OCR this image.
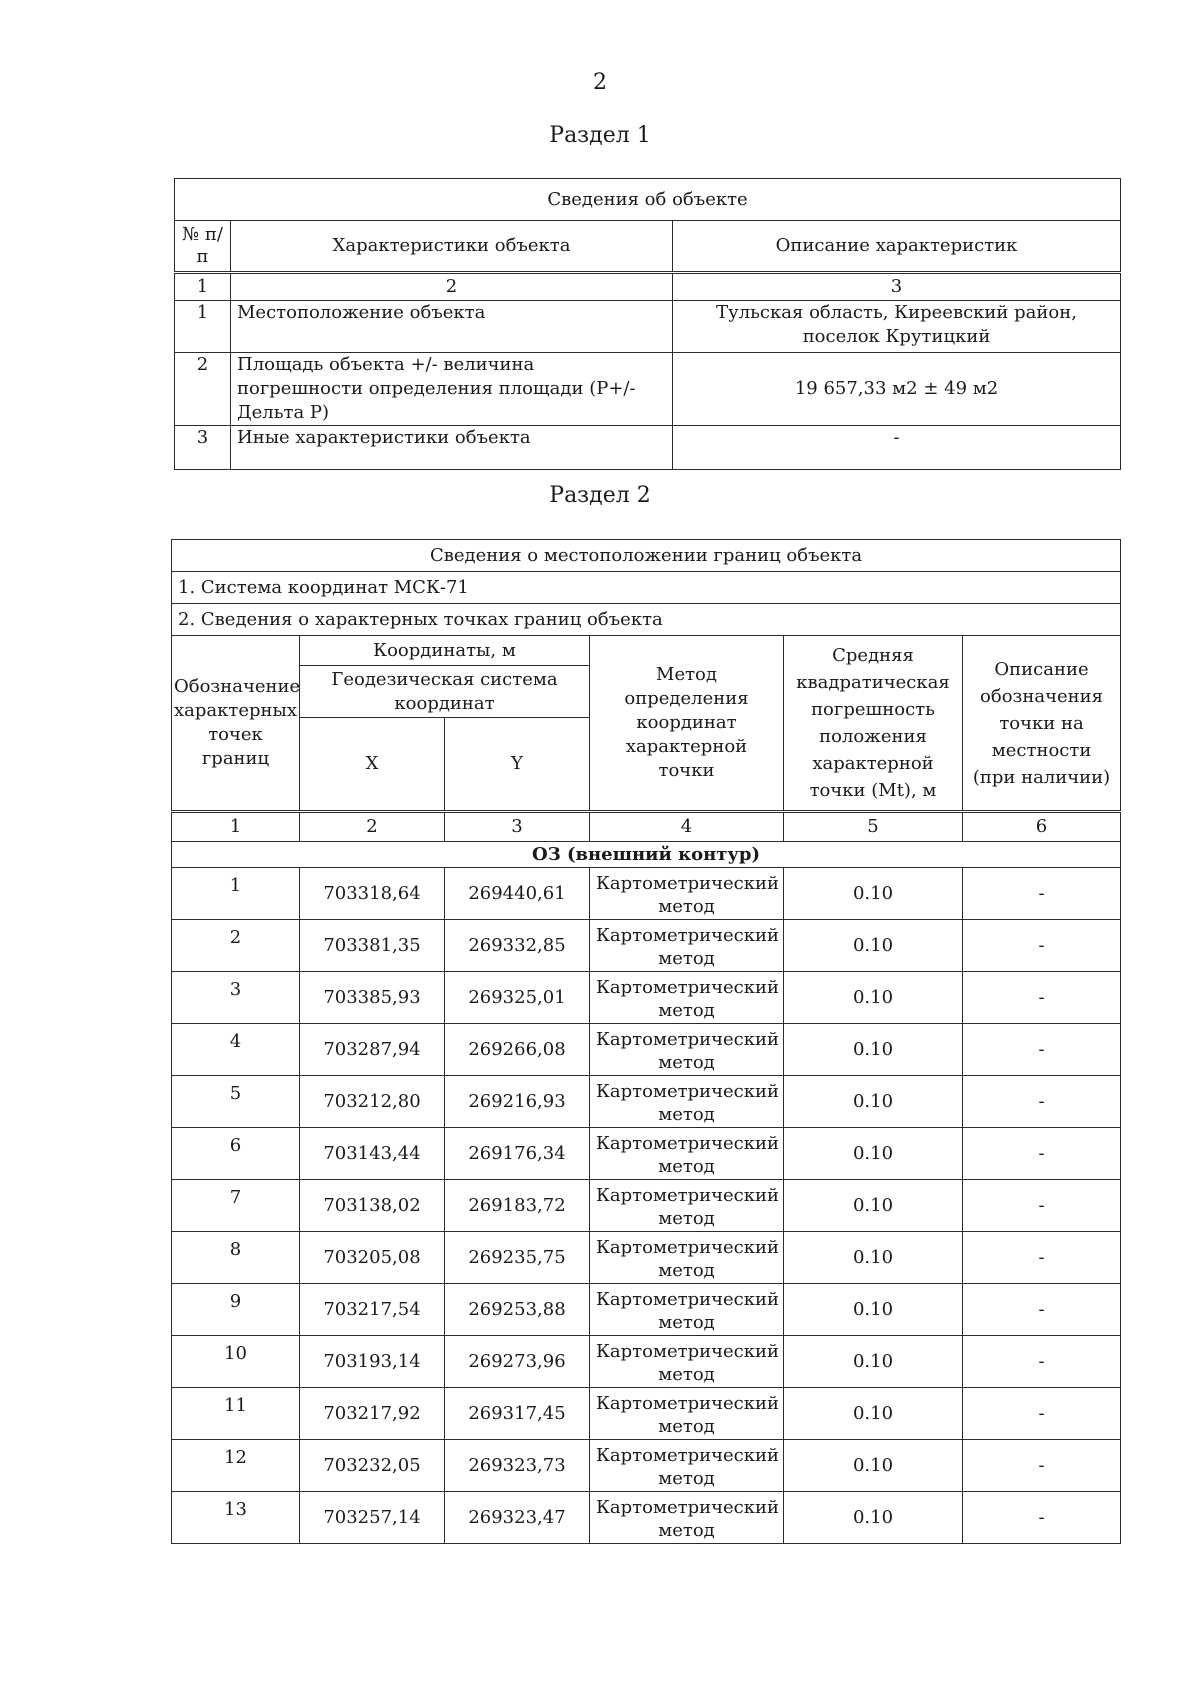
2
Раздел 1
Сведения об объекте		
№ п/п	Характеристики объекта	Описание характеристик
1	2	3
1	Местоположение объекта	Тульская область, Киреевский район, поселок Крутицкий
2	Площадь объекта +/- величина погрешности определения площади (Р+/- Дельта Р)	19 657,33 м2 ± 49 м2
3	Иные характеристики объекта	-
Раздел 2
Сведения о местоположении границ объекта					
1. Система координат МСК-71					
2. Сведения о характерных точках границ объекта					
Обозначение характерных точек границ	Координаты, м		Метод определения координат характерной точки	Средняя квадратическая погрешность положения характерной точки (Mt), м	Описание обозначения точки на местности (при наличии)
	Геодезическая система координат				
	X	Y			
1	2	3	4	5	6
ОЗ (внешний контур)					
1	703318,64	269440,61	Картометрический метод	0.10	-
2	703381,35	269332,85	Картометрический метод	0.10	-
3	703385,93	269325,01	Картометрический метод	0.10	-
4	703287,94	269266,08	Картометрический метод	0.10	-
5	703212,80	269216,93	Картометрический метод	0.10	-
6	703143,44	269176,34	Картометрический метод	0.10	-
7	703138,02	269183,72	Картометрический метод	0.10	-
8	703205,08	269235,75	Картометрический метод	0.10	-
9	703217,54	269253,88	Картометрический метод	0.10	-
10	703193,14	269273,96	Картометрический метод	0.10	-
11	703217,92	269317,45	Картометрический метод	0.10	-
12	703232,05	269323,73	Картометрический метод	0.10	-
13	703257,14	269323,47	Картометрический метод	0.10	-
